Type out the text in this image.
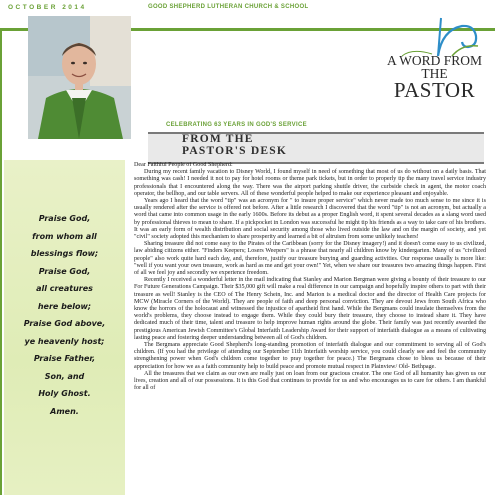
OCTOBER 2014	GOOD SHEPHERD LUTHERAN CHURCH & SCHOOL
A WORD FROM THE
PASTOR
CELEBRATING 63 YEARS IN GOD'S SERVICE
FROM THE
PASTOR'S DESK
Praise God,
from whom all
blessings flow;
Praise God,
all creatures
here below;
Praise God above,
ye heavenly host;
Praise Father,
Son, and
Holy Ghost.
Amen.

Dear Faithful People of Good Shepherd:

During my recent family vacation to Disney World, I found myself in need of something that most of us do without on a daily basis. That something was cash! I needed it not to pay for hotel rooms or theme park tickets, but in order to properly tip the many travel service industry professionals that I encountered along the way. There was the airport parking shuttle driver, the curbside check in agent, the motor coach operator, the bellhop, and our table servers. All of these wonderful people helped to make our experience pleasant and enjoyable.

Years ago I heard that the word "tip" was an acronym for " to insure proper service" which never made too much sense to me since it is usually rendered after the service is offered not before. After a little research I discovered that the word "tip" is not an acronym, but actually a word that came into common usage in the early 1600s. Before its debut as a proper English word, it spent several decades as a slang word used by professional thieves to mean to share. If a pickpocket in London was successful he might tip his friends as a way to take care of his brothers. It was an early form of wealth distribution and social security among those who lived outside the law and on the margin of society, and yet "civil" society adopted this mechanism to share prosperity and learned a bit of altruism from some unlikely teachers!

Sharing treasure did not come easy to the Pirates of the Caribbean (sorry for the Disney imagery!) and it doesn't come easy to us civilized, law abiding citizens either. "Finders Keepers; Losers Weepers" is a phrase that nearly all children know by kindergarten. Many of us "civilized people" also work quite hard each day, and, therefore, justify our treasure burying and guarding activities. Our response usually is more like: "well if you want your own treasure, work as hard as me and get your own!" Yet, when we share our treasures two amazing things happen. First of all we feel joy and secondly we experience freedom.

Recently I received a wonderful letter in the mail indicating that Stanley and Marion Bergman were giving a bounty of their treasure to our For Future Generations Campaign. Their $35,000 gift will make a real difference in our campaign and hopefully inspire others to part with their treasure as well! Stanley is the CEO of The Henry Schein, Inc. and Marion is a medical doctor and the director of Health Care projects for MCW (Miracle Corners of the World). They are people of faith and deep personal conviction. They are devout Jews from South Africa who know the horrors of the holocaust and witnessed the injustice of apartheid first hand. While the Bergmans could insulate themselves from the world's problems, they choose instead to engage them. While they could bury their treasure, they choose to instead share it. They have dedicated much of their time, talent and treasure to help improve human rights around the globe. Their family was just recently awarded the prestigious American Jewish Committee's Global Interfaith Leadership Award for their support of interfaith dialogue as a means of cultivating lasting peace and fostering deeper understanding between all of God's children.

The Bergmans appreciate Good Shepherd's long-standing promotion of interfaith dialogue and our commitment to serving all of God's children. (If you had the privilege of attending our September 11th Interfaith worship service, you could clearly see and feel the community strengthening power when God's children come together to pray together for peace.) The Bergmans chose to bless us because of their appreciation for how we as a faith community help to build peace and promote mutual respect in Plainview/ Old- Bethpage.

All the treasures that we claim as our own are really just on loan from our gracious creator. The one God of all humanity has given us our lives, creation and all of our possessions. It is this God that continues to provide for us and who encourages us to care for others. I am thankful for all of
